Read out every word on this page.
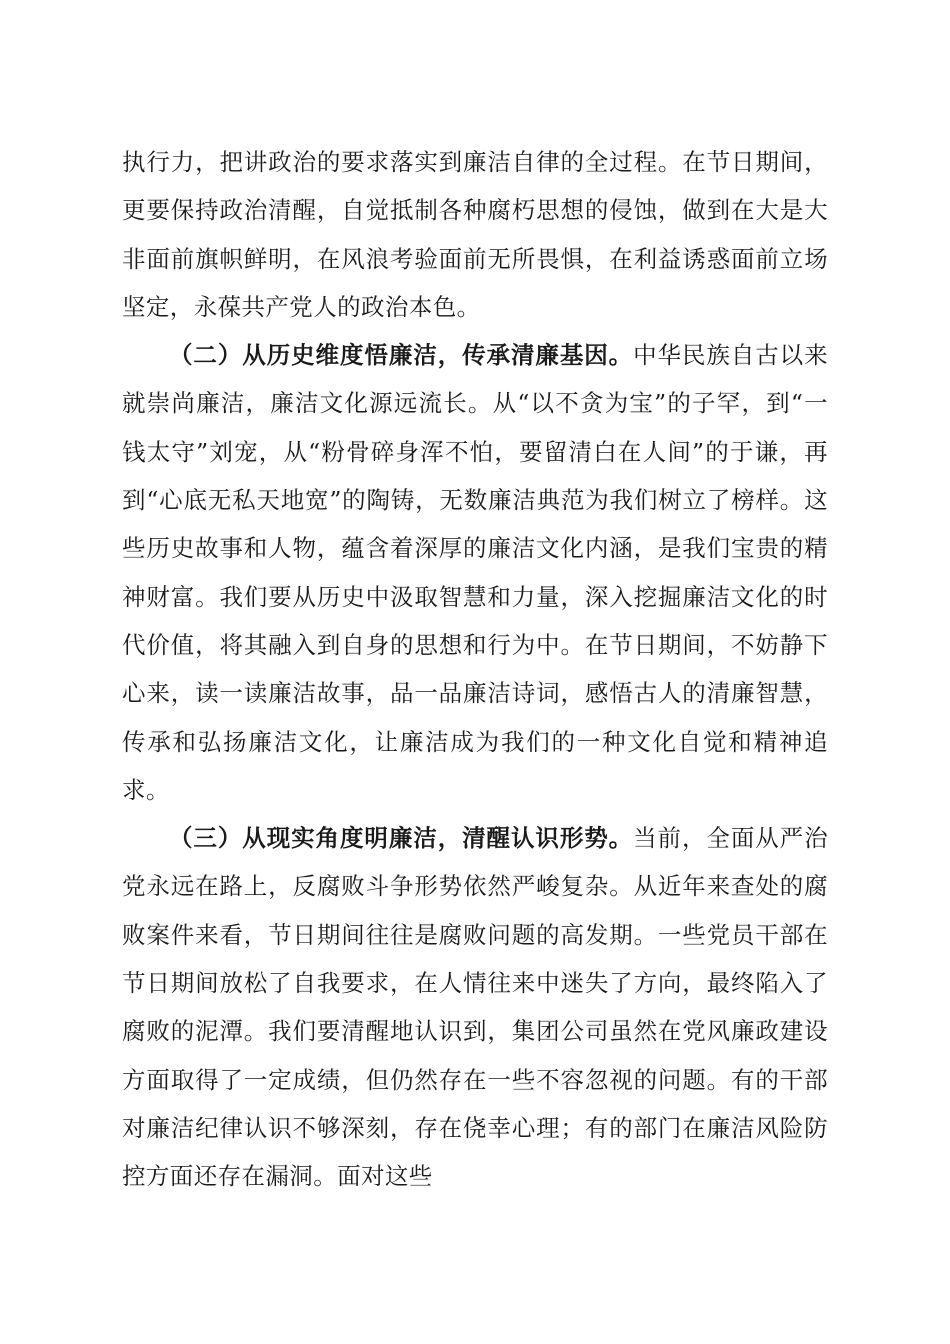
执行力，把讲政治的要求落实到廉洁自律的全过程。在节日期间，更要保持政治清醒，自觉抵制各种腐朽思想的侵蚀，做到在大是大非面前旗帜鲜明，在风浪考验面前无所畏惧，在利益诱惑面前立场坚定，永葆共产党人的政治本色。

（二）从历史维度悟廉洁，传承清廉基因。中华民族自古以来就崇尚廉洁，廉洁文化源远流长。从“以不贪为宝”的子罕，到“一钱太守”刘宠，从“粉骨碎身浑不怕，要留清白在人间”的于谦，再到“心底无私天地宽”的陶铸，无数廉洁典范为我们树立了榜样。这些历史故事和人物，蕴含着深厚的廉洁文化内涵，是我们宝贵的精神财富。我们要从历史中汲取智慧和力量，深入挖掘廉洁文化的时代价值，将其融入到自身的思想和行为中。在节日期间，不妨静下心来，读一读廉洁故事，品一品廉洁诗词，感悟古人的清廉智慧，传承和弘扬廉洁文化，让廉洁成为我们的一种文化自觉和精神追求。

（三）从现实角度明廉洁，清醒认识形势。当前，全面从严治党永远在路上，反腐败斗争形势依然严峻复杂。从近年来查处的腐败案件来看，节日期间往往是腐败问题的高发期。一些党员干部在节日期间放松了自我要求，在人情往来中迷失了方向，最终陷入了腐败的泥潭。我们要清醒地认识到，集团公司虽然在党风廉政建设方面取得了一定成绩，但仍然存在一些不容忽视的问题。有的干部对廉洁纪律认识不够深刻，存在侥幸心理；有的部门在廉洁风险防控方面还存在漏洞。面对这些
